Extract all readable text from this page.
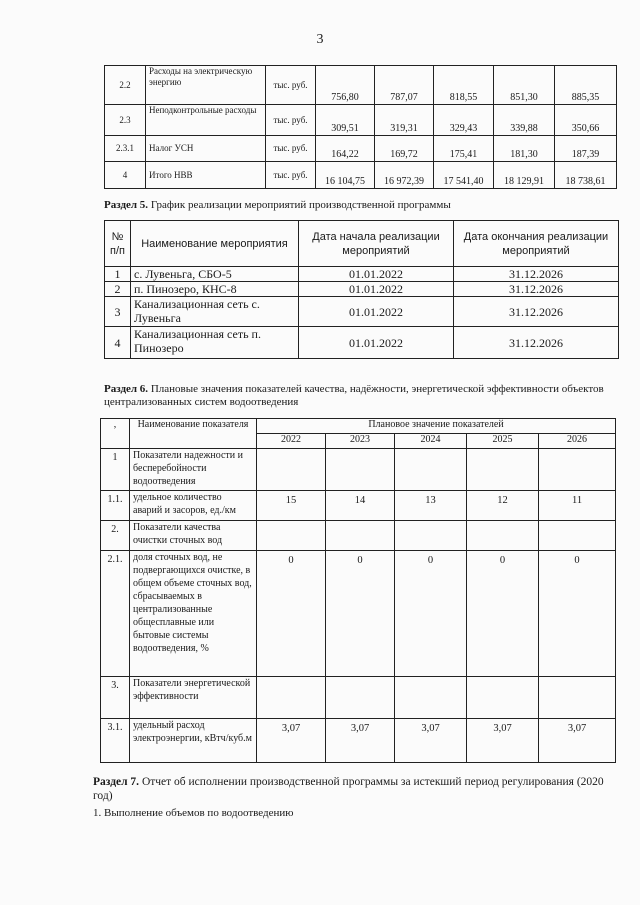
3
2.2	Расходы на электрическую энергию	тыс. руб.	756,80	787,07	818,55	851,30	885,35
2.3	Неподконтрольные расходы	тыс. руб.	309,51	319,31	329,43	339,88	350,66
2.3.1	Налог УСН	тыс. руб.	164,22	169,72	175,41	181,30	187,39
4	Итого НВВ	тыс. руб.	16 104,75	16 972,39	17 541,40	18 129,91	18 738,61
Раздел 5. График реализации мероприятий производственной программы
№ п/п	Наименование мероприятия	Дата начала реализации мероприятий	Дата окончания реализации мероприятий
1	с. Лувеньга, СБО-5	01.01.2022	31.12.2026
2	п. Пинозеро, КНС-8	01.01.2022	31.12.2026
3	Канализационная сеть с. Лувеньга	01.01.2022	31.12.2026
4	Канализационная сеть п. Пинозеро	01.01.2022	31.12.2026
Раздел 6. Плановые значения показателей качества, надёжности, энергетической эффективности объектов централизованных систем водоотведения
,	Наименование показателя	Плановое значение показателей				
		2022	2023	2024	2025	2026
1	Показатели надежности и бесперебойности водоотведения					
1.1.	удельное количество аварий и засоров, ед./км	15	14	13	12	11
2.	Показатели качества очистки сточных вод					
2.1.	доля сточных вод, не подвергающихся очистке, в общем объеме сточных вод, сбрасываемых в централизованные общесплавные или бытовые системы водоотведения, %	0	0	0	0	0
3.	Показатели энергетической эффективности					
3.1.	удельный расход электроэнергии, кВтч/куб.м	3,07	3,07	3,07	3,07	3,07
Раздел 7. Отчет об исполнении производственной программы за истекший период регулирования (2020 год)
1. Выполнение объемов по водоотведению
